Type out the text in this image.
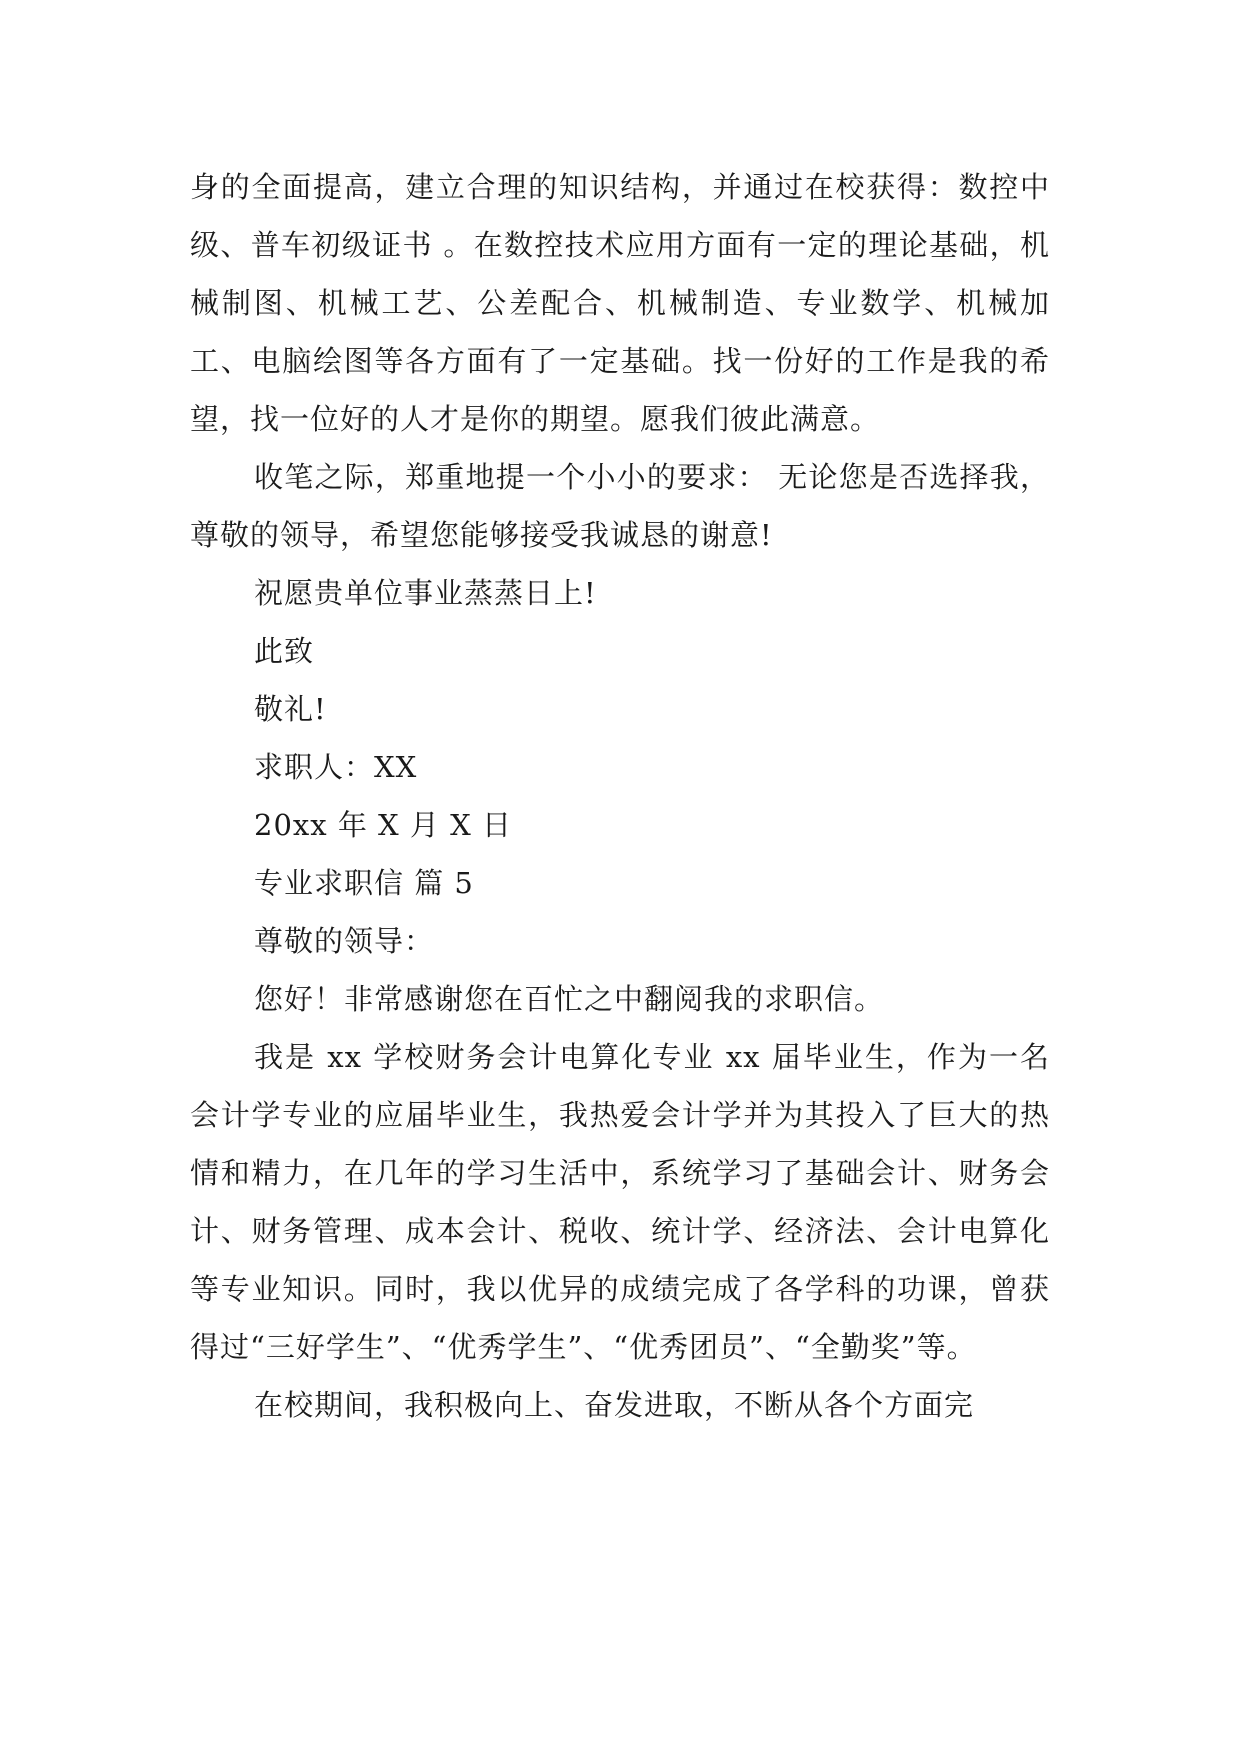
身的全面提高，建立合理的知识结构，并通过在校获得：数控中级、普车初级证书 。在数控技术应用方面有一定的理论基础，机械制图、机械工艺、公差配合、机械制造、专业数学、机械加工、电脑绘图等各方面有了一定基础。找一份好的工作是我的希望，找一位好的人才是你的期望。愿我们彼此满意。

收笔之际，郑重地提一个小小的要求： 无论您是否选择我，尊敬的领导，希望您能够接受我诚恳的谢意!

祝愿贵单位事业蒸蒸日上!

此致

敬礼!

求职人：XX

20xx 年 X 月 X 日

专业求职信 篇 5

尊敬的领导：

您好！非常感谢您在百忙之中翻阅我的求职信。

我是 xx 学校财务会计电算化专业 xx 届毕业生，作为一名会计学专业的应届毕业生，我热爱会计学并为其投入了巨大的热情和精力，在几年的学习生活中，系统学习了基础会计、财务会计、财务管理、成本会计、税收、统计学、经济法、会计电算化等专业知识。同时，我以优异的成绩完成了各学科的功课，曾获得过“三好学生”、“优秀学生”、“优秀团员”、“全勤奖”等。

在校期间，我积极向上、奋发进取，不断从各个方面完
